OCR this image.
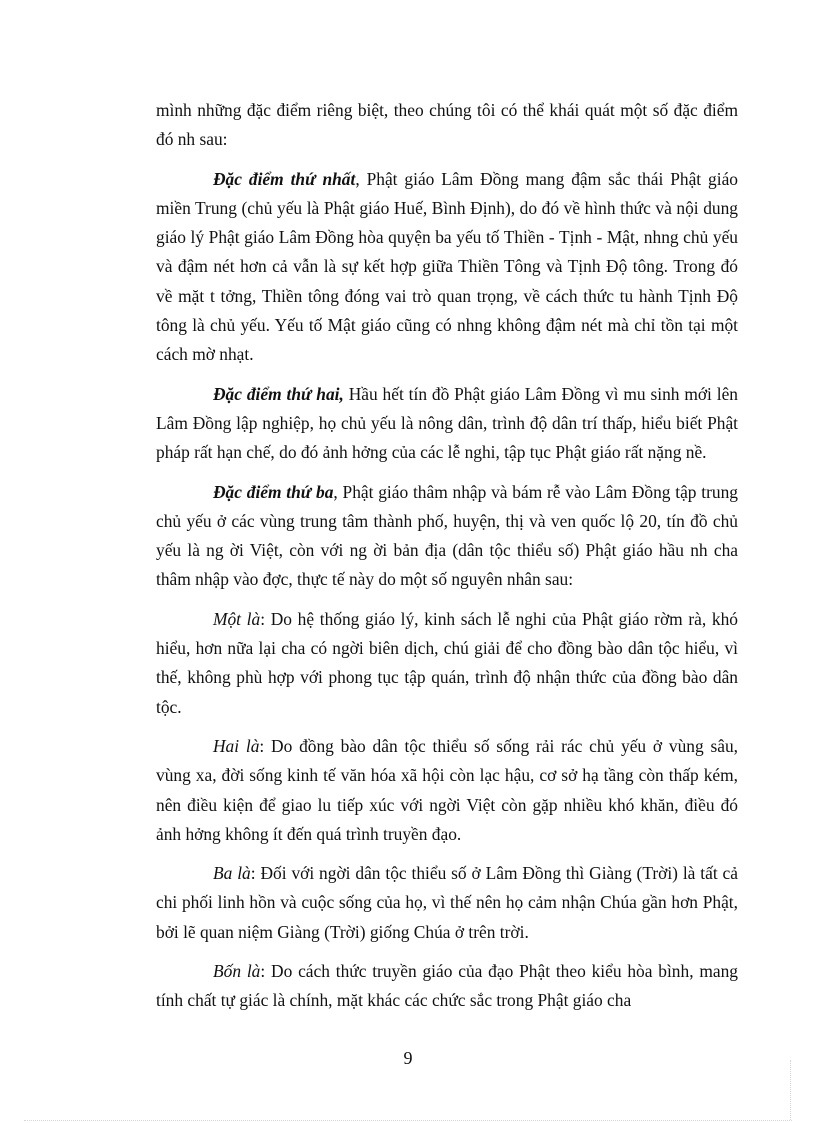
mình những đặc điểm riêng biệt, theo chúng tôi có thể khái quát một số đặc điểm đó nh sau:

Đặc điểm thứ nhất, Phật giáo Lâm Đồng mang đậm sắc thái Phật giáo miền Trung (chủ yếu là Phật giáo Huế, Bình Định), do đó về hình thức và nội dung giáo lý Phật giáo Lâm Đồng hòa quyện ba yếu tố Thiền - Tịnh - Mật, nhng chủ yếu và đậm nét hơn cả vẫn là sự kết hợp giữa Thiền Tông và Tịnh Độ tông. Trong đó về mặt t tởng, Thiền tông đóng vai trò quan trọng, về cách thức tu hành Tịnh Độ tông là chủ yếu. Yếu tố Mật giáo cũng có nhng không đậm nét mà chỉ tồn tại một cách mờ nhạt.

Đặc điểm thứ hai, Hầu hết tín đồ Phật giáo Lâm Đồng vì mu sinh mới lên Lâm Đồng lập nghiệp, họ chủ yếu là nông dân, trình độ dân trí thấp, hiểu biết Phật pháp rất hạn chế, do đó ảnh hởng của các lễ nghi, tập tục Phật giáo rất nặng nề.

Đặc điểm thứ ba, Phật giáo thâm nhập và bám rễ vào Lâm Đồng tập trung chủ yếu ở các vùng trung tâm thành phố, huyện, thị và ven quốc lộ 20, tín đồ chủ yếu là ng ời Việt, còn với ng ời bản địa (dân tộc thiểu số) Phật giáo hầu nh cha thâm nhập vào đợc, thực tế này do một số nguyên nhân sau:

Một là: Do hệ thống giáo lý, kinh sách lễ nghi của Phật giáo rờm rà, khó hiểu, hơn nữa lại cha có ngời biên dịch, chú giải để cho đồng bào dân tộc hiểu, vì thế, không phù hợp với phong tục tập quán, trình độ nhận thức của đồng bào dân tộc.

Hai là: Do đồng bào dân tộc thiểu số sống rải rác chủ yếu ở vùng sâu, vùng xa, đời sống kinh tế văn hóa xã hội còn lạc hậu, cơ sở hạ tầng còn thấp kém, nên điều kiện để giao lu tiếp xúc với ngời Việt còn gặp nhiều khó khăn, điều đó ảnh hởng không ít đến quá trình truyền đạo.

Ba là: Đối với ngời dân tộc thiểu số ở Lâm Đồng thì Giàng (Trời) là tất cả chi phối linh hồn và cuộc sống của họ, vì thế nên họ cảm nhận Chúa gần hơn Phật, bởi lẽ quan niệm Giàng (Trời) giống Chúa ở trên trời.

Bốn là: Do cách thức truyền giáo của đạo Phật theo kiểu hòa bình, mang tính chất tự giác là chính, mặt khác các chức sắc trong Phật giáo cha

9
